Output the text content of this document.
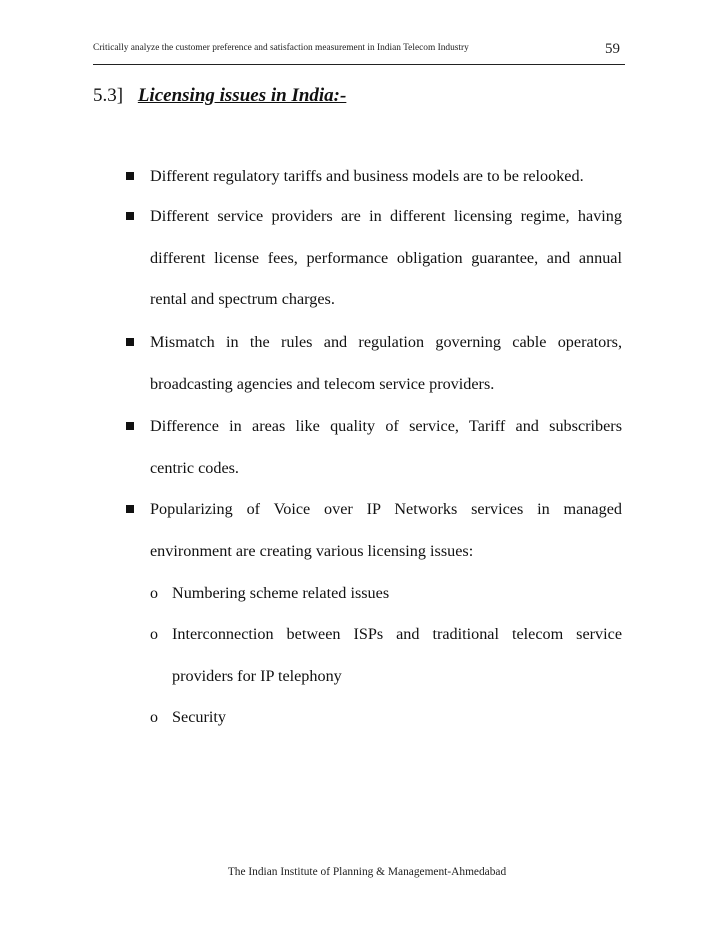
Critically analyze the customer preference and satisfaction measurement in Indian Telecom Industry	59
5.3] Licensing issues in India:-
Different regulatory tariffs and business models are to be relooked.
Different service providers are in different licensing regime, having
different license fees, performance obligation guarantee, and annual
rental and spectrum charges.
Mismatch in the rules and regulation governing cable operators,
broadcasting agencies and telecom service providers.
Difference in areas like quality of service, Tariff and subscribers
centric codes.
Popularizing of Voice over IP Networks services in managed
environment are creating various licensing issues:
o Numbering scheme related issues
o Interconnection between ISPs and traditional telecom service
providers for IP telephony
o Security
The Indian Institute of Planning & Management-Ahmedabad
